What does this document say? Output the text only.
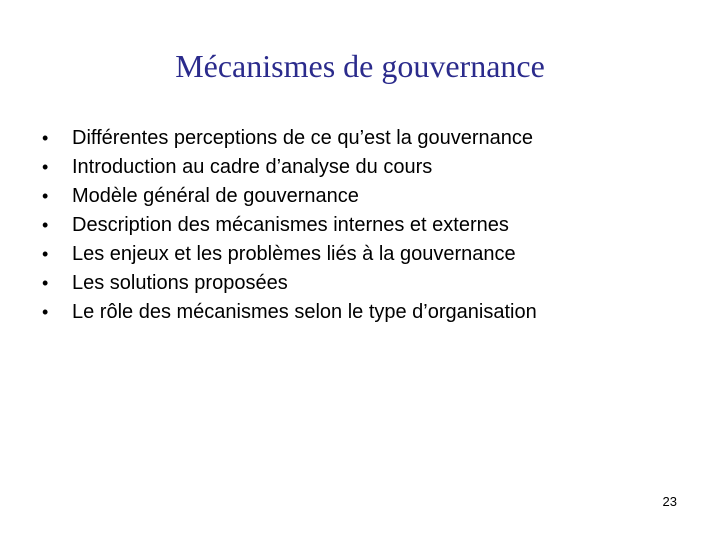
Mécanismes de gouvernance
•	Différentes perceptions de ce qu’est la gouvernance
•	Introduction au cadre d’analyse du cours
•	Modèle général de gouvernance
•	Description des mécanismes internes et externes
•	Les enjeux et les problèmes liés à la gouvernance
•	Les solutions proposées
•	Le rôle des mécanismes selon le type d’organisation
23
